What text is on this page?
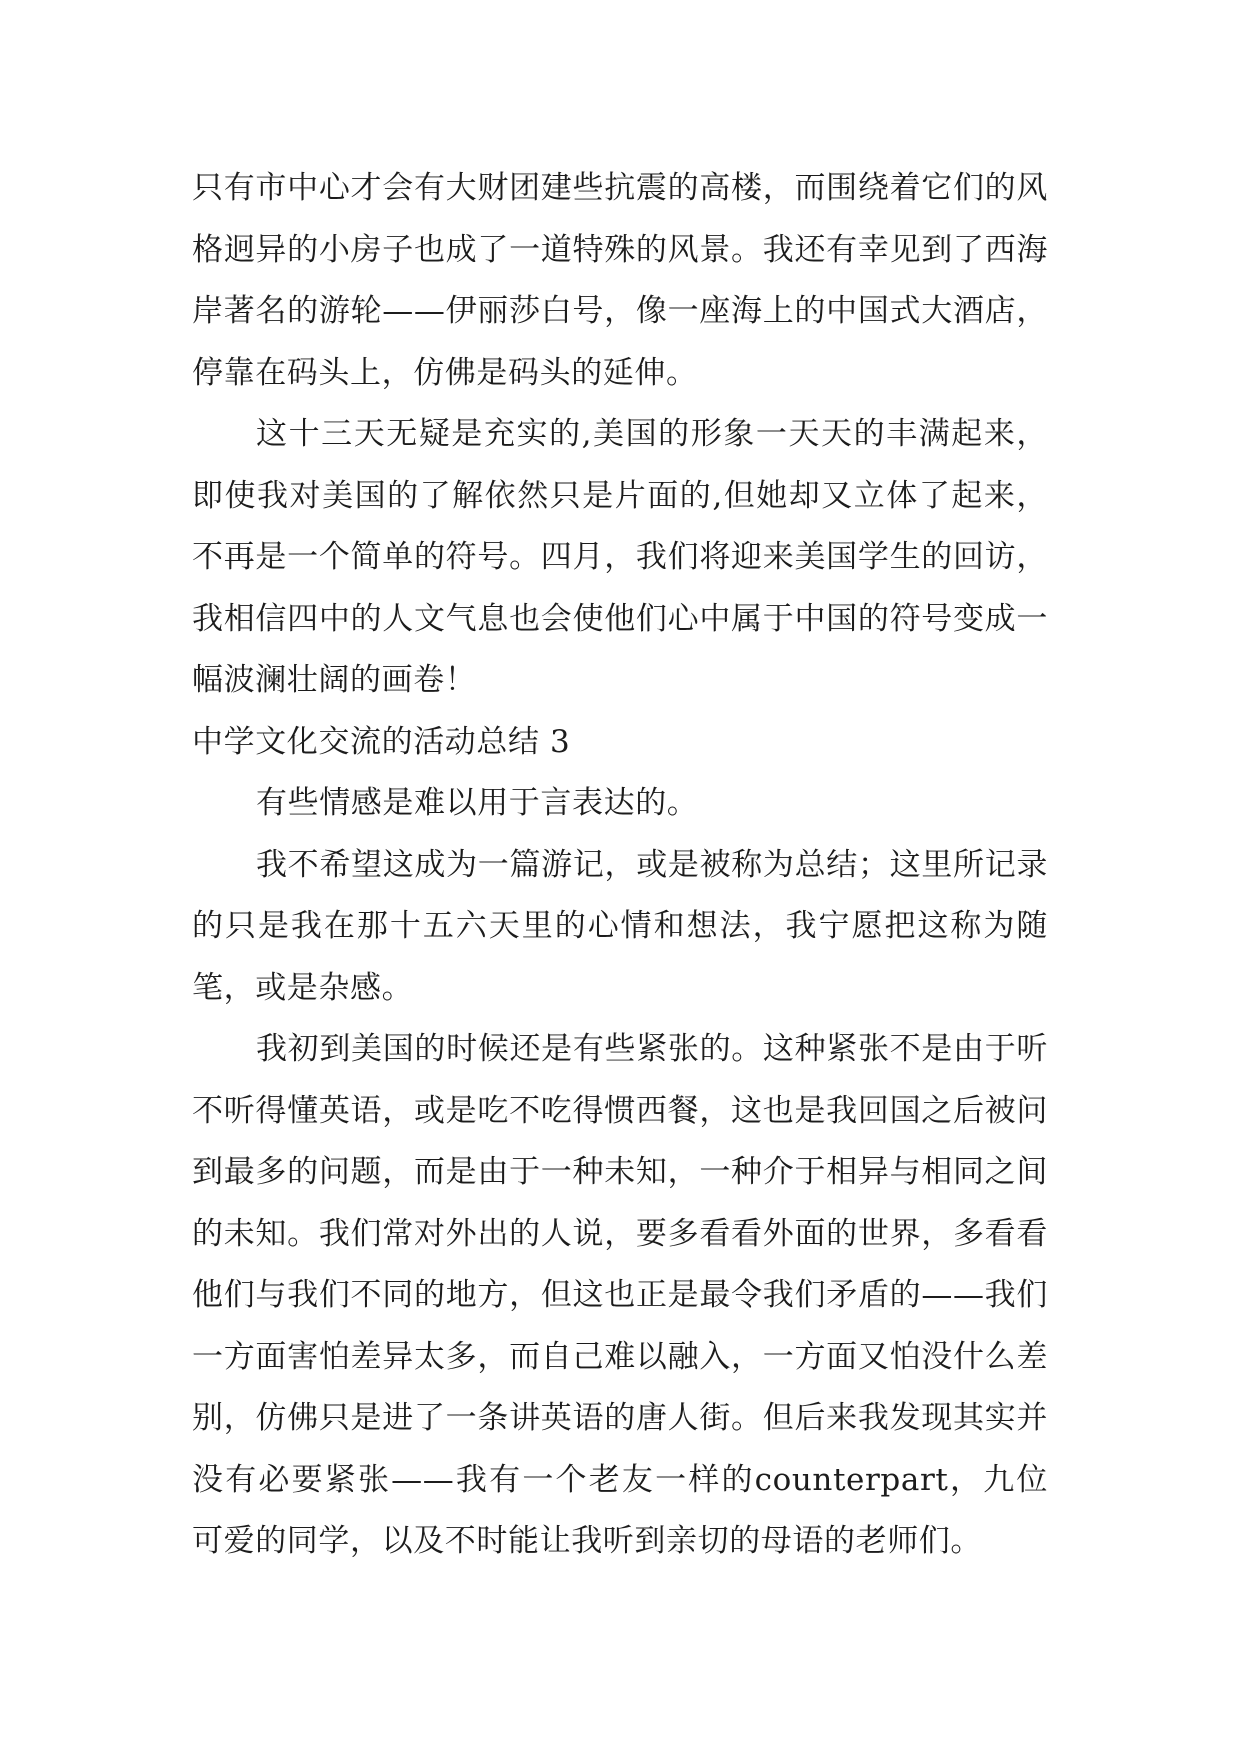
只有市中心才会有大财团建些抗震的高楼，而围绕着它们的风格迥异的小房子也成了一道特殊的风景。我还有幸见到了西海岸著名的游轮——伊丽莎白号，像一座海上的中国式大酒店，停靠在码头上，仿佛是码头的延伸。

这十三天无疑是充实的,美国的形象一天天的丰满起来，即使我对美国的了解依然只是片面的,但她却又立体了起来，不再是一个简单的符号。四月，我们将迎来美国学生的回访，我相信四中的人文气息也会使他们心中属于中国的符号变成一幅波澜壮阔的画卷！

中学文化交流的活动总结 3

有些情感是难以用于言表达的。

我不希望这成为一篇游记，或是被称为总结；这里所记录的只是我在那十五六天里的心情和想法，我宁愿把这称为随笔，或是杂感。

我初到美国的时候还是有些紧张的。这种紧张不是由于听不听得懂英语，或是吃不吃得惯西餐，这也是我回国之后被问到最多的问题，而是由于一种未知，一种介于相异与相同之间的未知。我们常对外出的人说，要多看看外面的世界，多看看他们与我们不同的地方，但这也正是最令我们矛盾的——我们一方面害怕差异太多，而自己难以融入，一方面又怕没什么差别，仿佛只是进了一条讲英语的唐人街。但后来我发现其实并没有必要紧张——我有一个老友一样的counterpart，九位可爱的同学，以及不时能让我听到亲切的母语的老师们。
